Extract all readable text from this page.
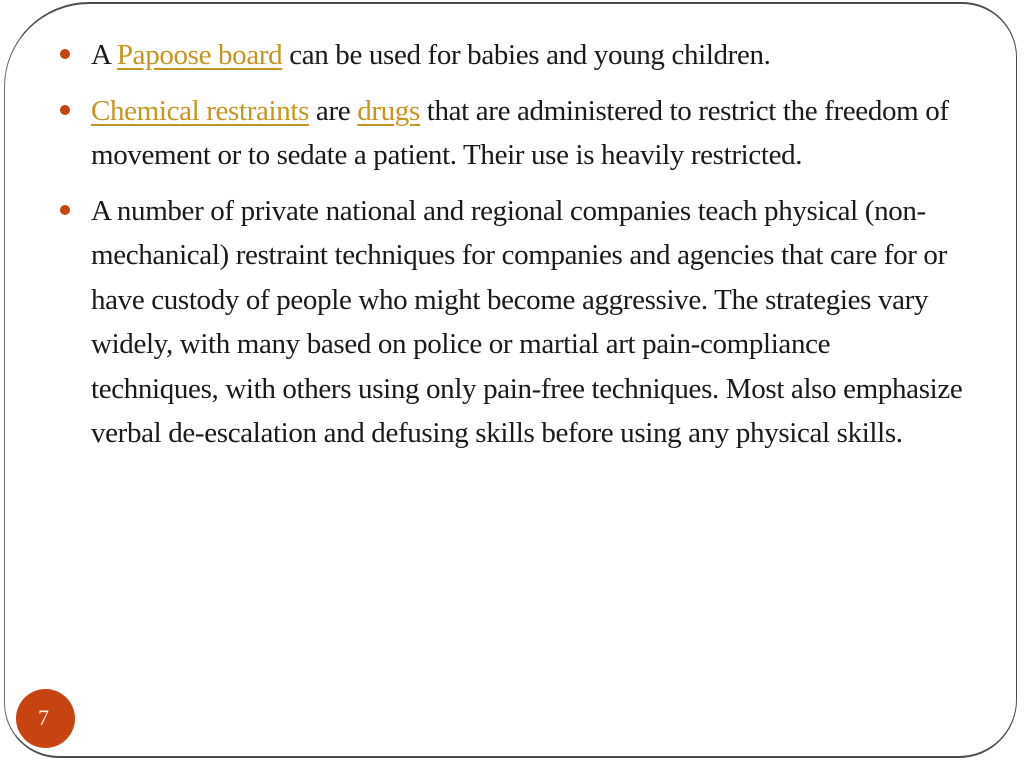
A Papoose board can be used for babies and young children.
Chemical restraints are drugs that are administered to restrict the freedom of movement or to sedate a patient. Their use is heavily restricted.
A number of private national and regional companies teach physical (non-mechanical) restraint techniques for companies and agencies that care for or have custody of people who might become aggressive. The strategies vary widely, with many based on police or martial art pain-compliance techniques, with others using only pain-free techniques. Most also emphasize verbal de-escalation and defusing skills before using any physical skills.
7
